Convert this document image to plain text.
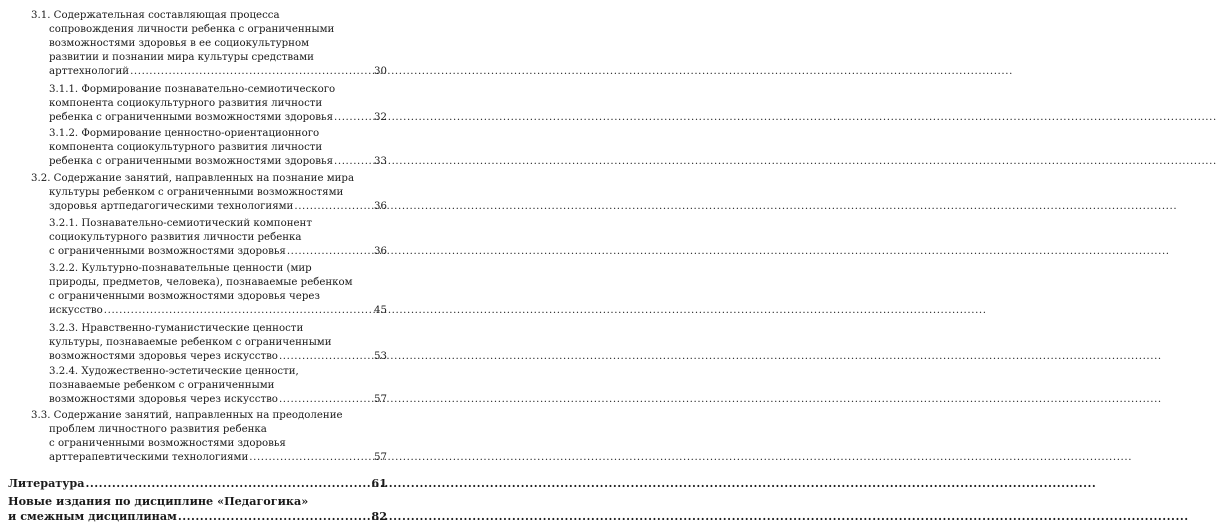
3.1. Содержательная составляющая процесса
сопровождения личности ребенка с ограниченными
возможностями здоровья в ее социокультурном
развитии и познании мира культуры средствами
арттехнологий .....	30
3.1.1. Формирование познавательно-семиотического
компонента социокультурного развития личности
ребенка с ограниченными возможностями здоровья .....	32
3.1.2. Формирование ценностно-ориентационного
компонента социокультурного развития личности
ребенка с ограниченными возможностями здоровья .....	33
3.2. Содержание занятий, направленных на познание мира
культуры ребенком с ограниченными возможностями
здоровья артпедагогическими технологиями .....	36
3.2.1. Познавательно-семиотический компонент
социокультурного развития личности ребенка
с ограниченными возможностями здоровья .....	36
3.2.2. Культурно-познавательные ценности (мир
природы, предметов, человека), познаваемые ребенком
с ограниченными возможностями здоровья через
искусство .....	45
3.2.3. Нравственно-гуманистические ценности
культуры, познаваемые ребенком с ограниченными
возможностями здоровья через искусство .....	53
3.2.4. Художественно-эстетические ценности,
познаваемые ребенком с ограниченными
возможностями здоровья через искусство .....	57
3.3. Содержание занятий, направленных на преодоление
проблем личностного развития ребенка
с ограниченными возможностями здоровья
арттерапевтическими технологиями .....	57
Литература .....	61
Новые издания по дисциплине «Педагогика»
и смежным дисциплинам .....	82
